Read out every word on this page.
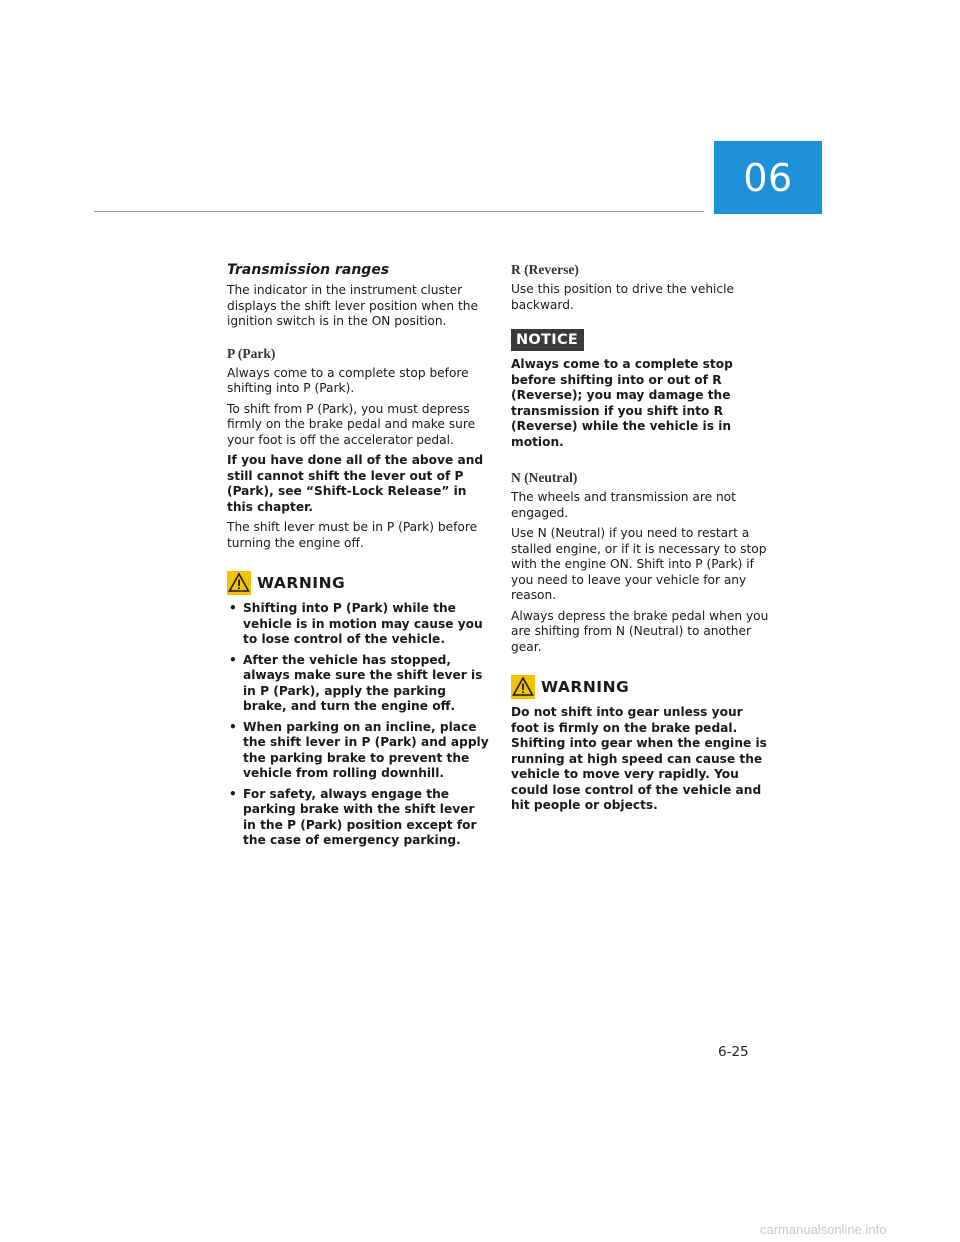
06
Transmission ranges

The indicator in the instrument cluster displays the shift lever position when the ignition switch is in the ON position.

P (Park)

Always come to a complete stop before shifting into P (Park).

To shift from P (Park), you must depress firmly on the brake pedal and make sure your foot is off the accelerator pedal.

If you have done all of the above and still cannot shift the lever out of P (Park), see “Shift-Lock Release” in this chapter.

The shift lever must be in P (Park) before turning the engine off.

WARNING
• Shifting into P (Park) while the vehicle is in motion may cause you to lose control of the vehicle.
• After the vehicle has stopped, always make sure the shift lever is in P (Park), apply the parking brake, and turn the engine off.
• When parking on an incline, place the shift lever in P (Park) and apply the parking brake to prevent the vehicle from rolling downhill.
• For safety, always engage the parking brake with the shift lever in the P (Park) position except for the case of emergency parking.
R (Reverse)

Use this position to drive the vehicle backward.

NOTICE

Always come to a complete stop before shifting into or out of R (Reverse); you may damage the transmission if you shift into R (Reverse) while the vehicle is in motion.

N (Neutral)

The wheels and transmission are not engaged.

Use N (Neutral) if you need to restart a stalled engine, or if it is necessary to stop with the engine ON. Shift into P (Park) if you need to leave your vehicle for any reason.

Always depress the brake pedal when you are shifting from N (Neutral) to another gear.

WARNING

Do not shift into gear unless your foot is firmly on the brake pedal. Shifting into gear when the engine is running at high speed can cause the vehicle to move very rapidly. You could lose control of the vehicle and hit people or objects.

6-25
carmanualsonline.info
